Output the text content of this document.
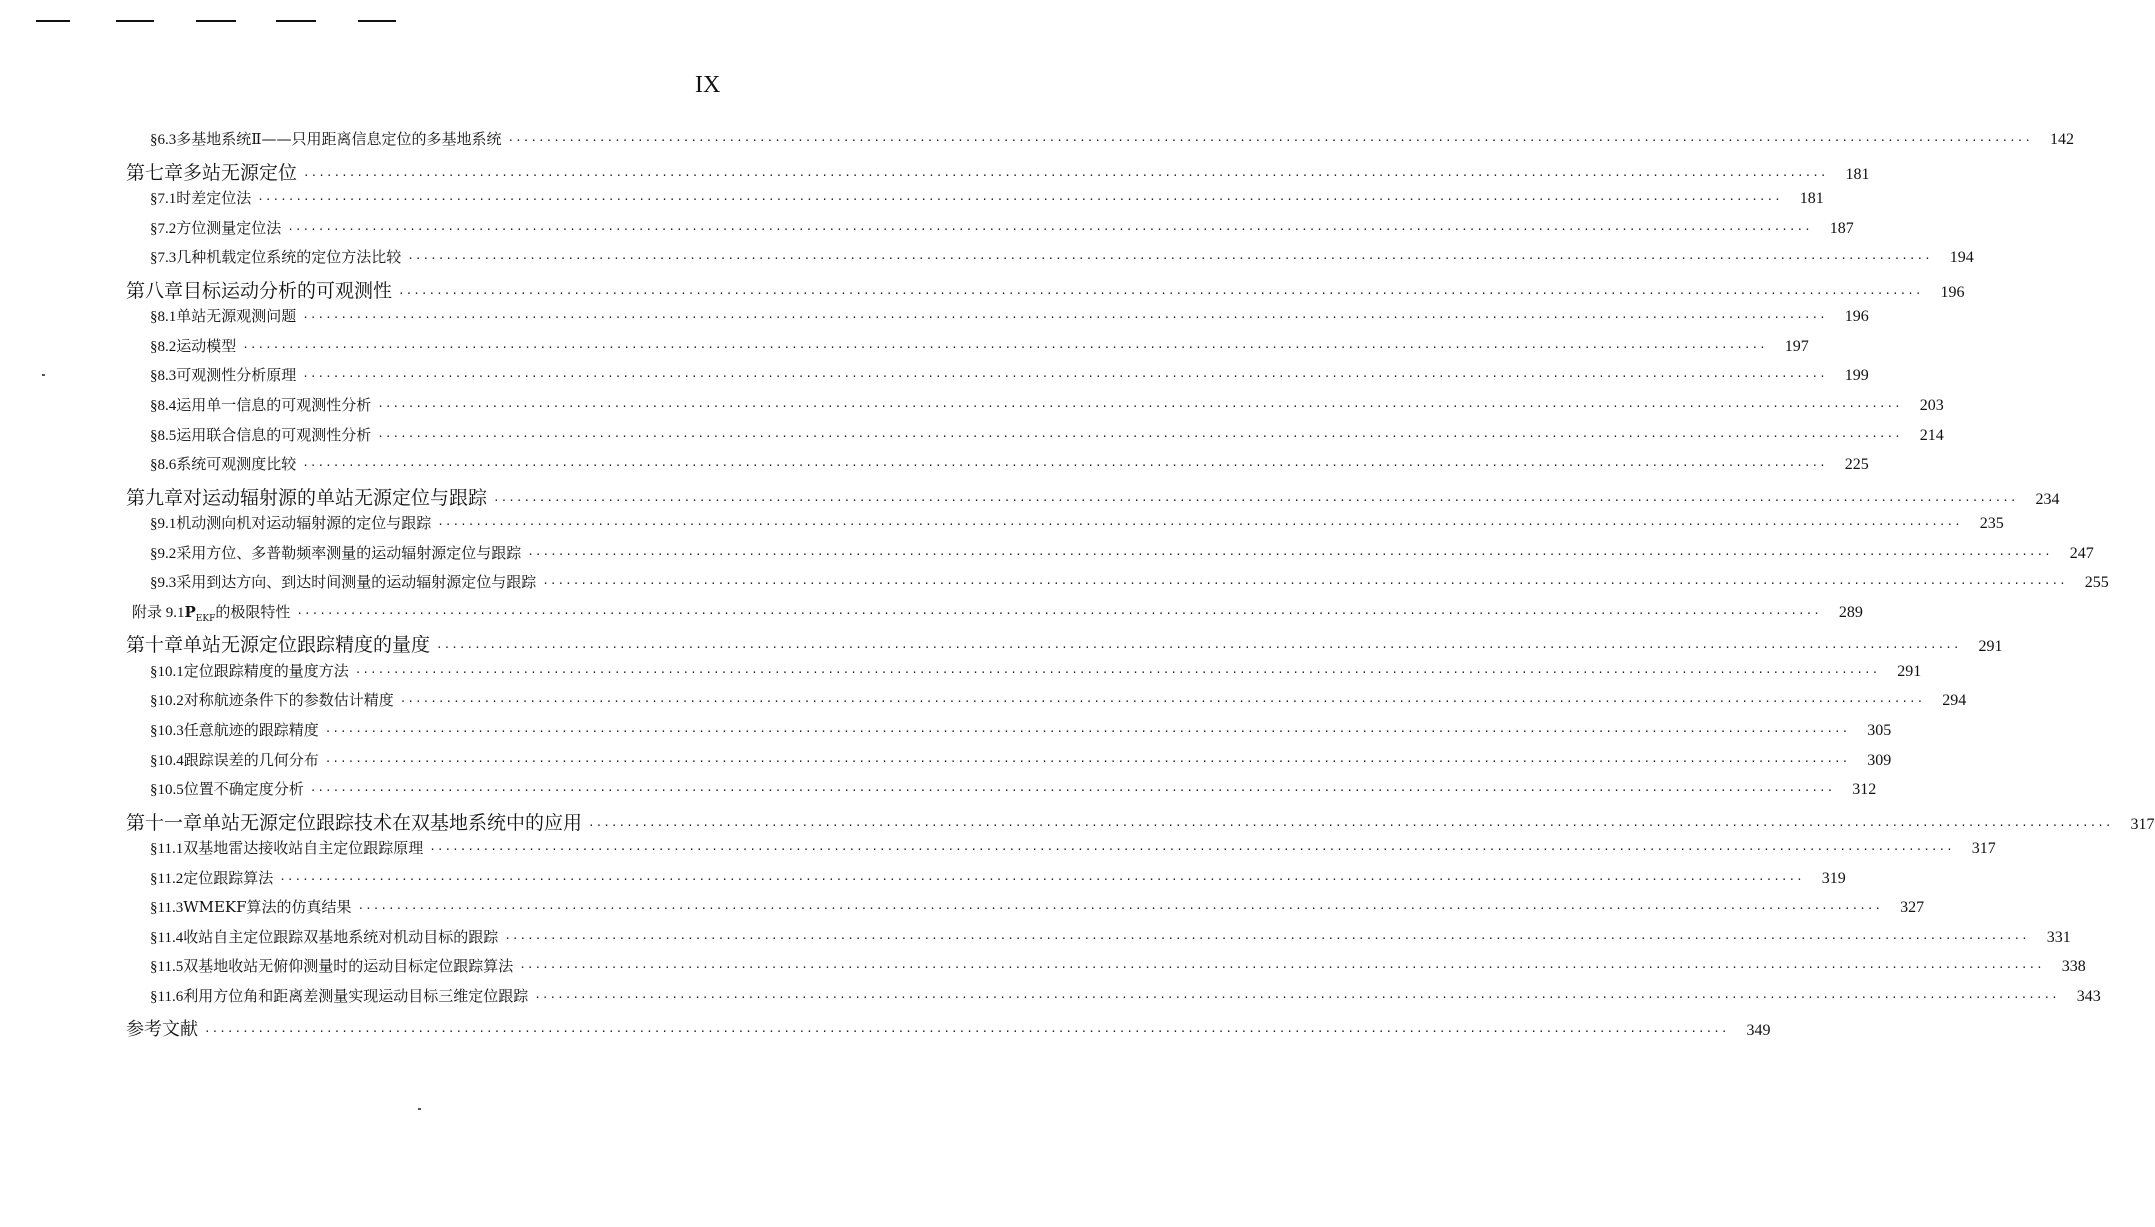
IX
§6.3 多基地系统Ⅱ——只用距离信息定位的多基地系统 ········································································································································································································	142
第七章 多站无源定位 ········································································································································································································	181
§7.1 时差定位法 ········································································································································································································	181
§7.2 方位测量定位法 ········································································································································································································	187
§7.3 几种机载定位系统的定位方法比较 ········································································································································································································	194
第八章 目标运动分析的可观测性 ········································································································································································································	196
§8.1 单站无源观测问题 ········································································································································································································	196
§8.2 运动模型 ········································································································································································································	197
§8.3 可观测性分析原理 ········································································································································································································	199
§8.4 运用单一信息的可观测性分析 ········································································································································································································	203
§8.5 运用联合信息的可观测性分析 ········································································································································································································	214
§8.6 系统可观测度比较 ········································································································································································································	225
第九章 对运动辐射源的单站无源定位与跟踪 ········································································································································································································	234
§9.1 机动测向机对运动辐射源的定位与跟踪 ········································································································································································································	235
§9.2 采用方位、多普勒频率测量的运动辐射源定位与跟踪 ········································································································································································································	247
§9.3 采用到达方向、到达时间测量的运动辐射源定位与跟踪 ········································································································································································································	255
附录 9.1 $P_{EKF}$的极限特性 ········································································································································································································	289
第十章 单站无源定位跟踪精度的量度 ········································································································································································································	291
§10.1 定位跟踪精度的量度方法 ········································································································································································································	291
§10.2 对称航迹条件下的参数估计精度 ········································································································································································································	294
§10.3 任意航迹的跟踪精度 ········································································································································································································	305
§10.4 跟踪误差的几何分布 ········································································································································································································	309
§10.5 位置不确定度分析 ········································································································································································································	312
第十一章 单站无源定位跟踪技术在双基地系统中的应用 ········································································································································································································	317
§11.1 双基地雷达接收站自主定位跟踪原理 ········································································································································································································	317
§11.2 定位跟踪算法 ········································································································································································································	319
§11.3 WMEKF算法的仿真结果 ········································································································································································································	327
§11.4 收站自主定位跟踪双基地系统对机动目标的跟踪 ········································································································································································································	331
§11.5 双基地收站无俯仰测量时的运动目标定位跟踪算法 ········································································································································································································	338
§11.6 利用方位角和距离差测量实现运动目标三维定位跟踪 ········································································································································································································	343
参考文献 ········································································································································································································	349
